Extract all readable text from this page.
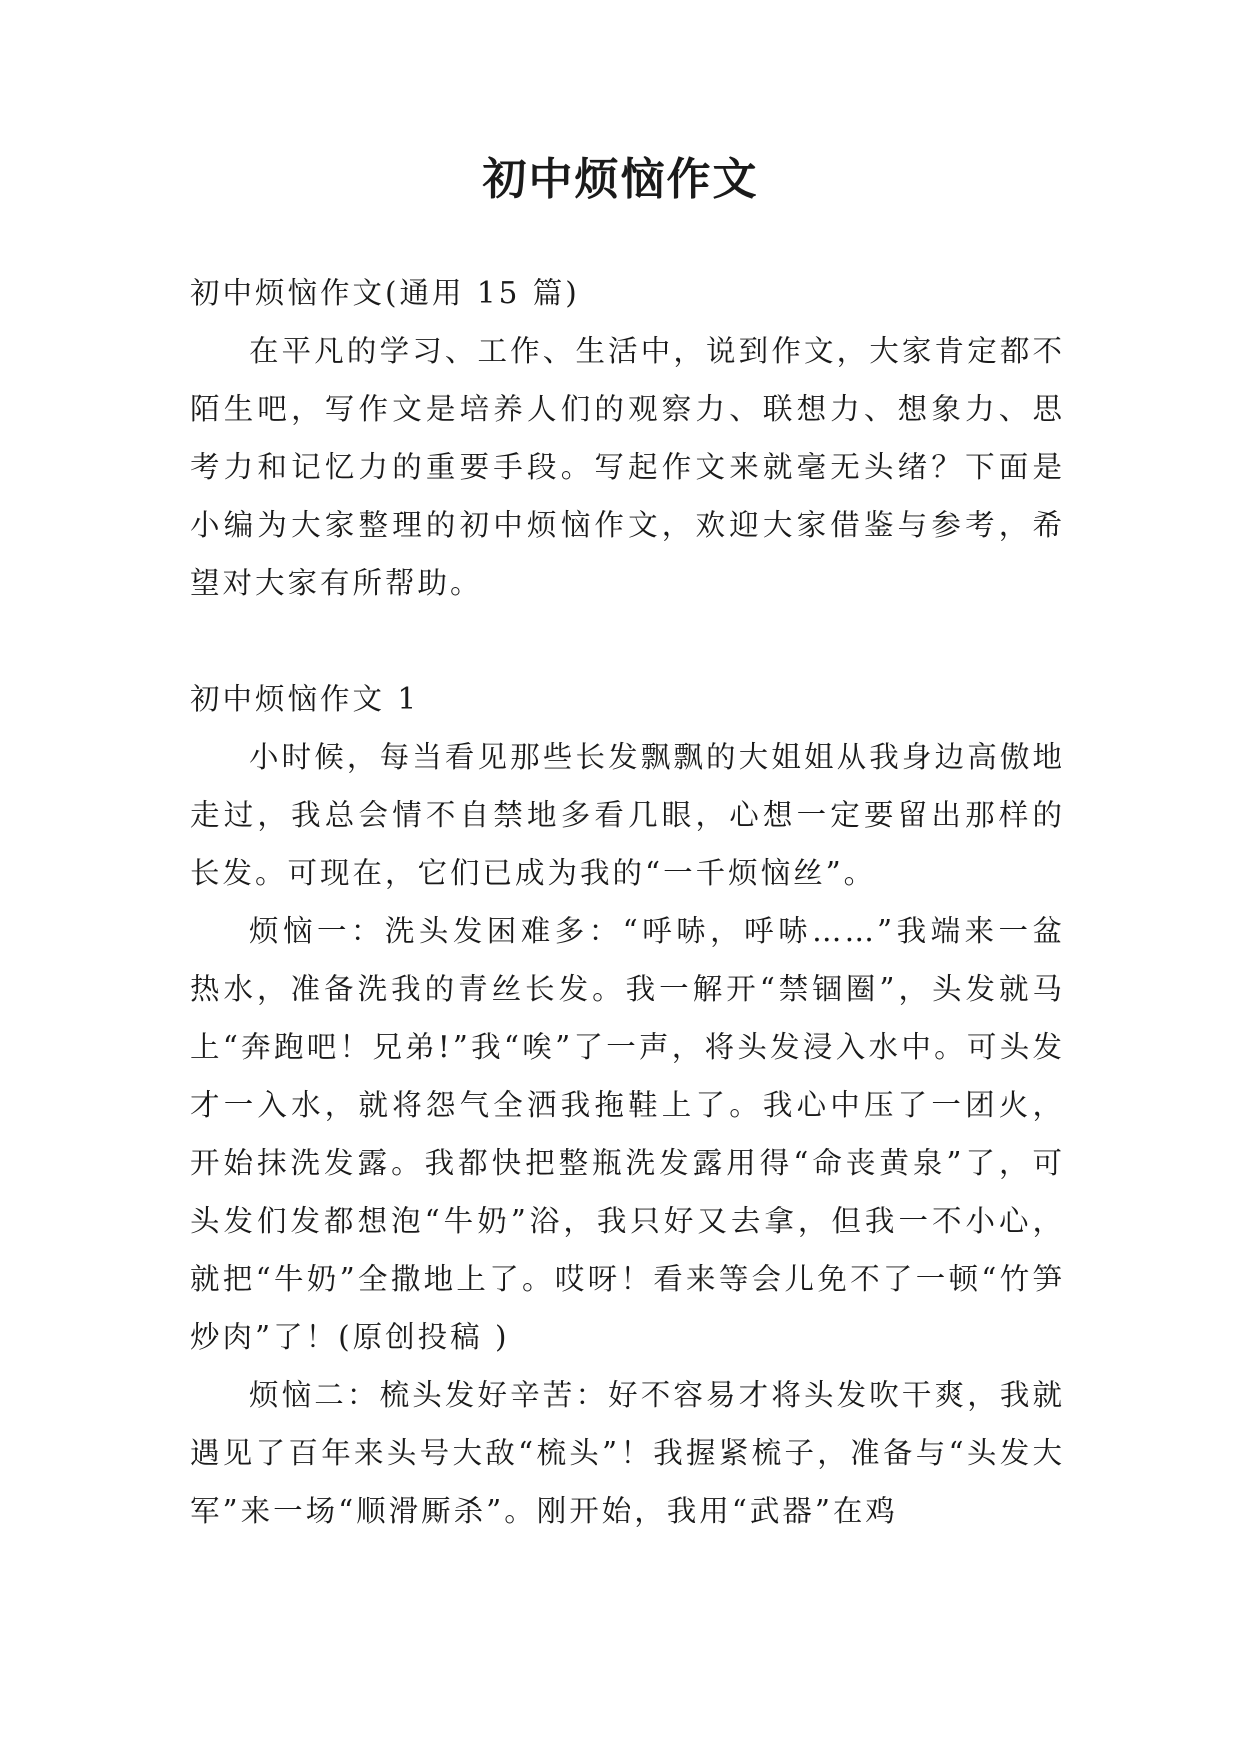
初中烦恼作文

初中烦恼作文(通用 15 篇)

在平凡的学习、工作、生活中，说到作文，大家肯定都不陌生吧，写作文是培养人们的观察力、联想力、想象力、思考力和记忆力的重要手段。写起作文来就毫无头绪？下面是小编为大家整理的初中烦恼作文，欢迎大家借鉴与参考，希望对大家有所帮助。

初中烦恼作文 1

小时候，每当看见那些长发飘飘的大姐姐从我身边高傲地走过，我总会情不自禁地多看几眼，心想一定要留出那样的长发。可现在，它们已成为我的“一千烦恼丝”。

烦恼一：洗头发困难多：“呼哧，呼哧……”我端来一盆热水，准备洗我的青丝长发。我一解开“禁锢圈”，头发就马上“奔跑吧！兄弟!”我“唉”了一声，将头发浸入水中。可头发才一入水，就将怨气全洒我拖鞋上了。我心中压了一团火，开始抹洗发露。我都快把整瓶洗发露用得“命丧黄泉”了，可头发们发都想泡“牛奶”浴，我只好又去拿，但我一不小心，就把“牛奶”全撒地上了。哎呀！看来等会儿免不了一顿“竹笋炒肉”了！(原创投稿 )

烦恼二：梳头发好辛苦：好不容易才将头发吹干爽，我就遇见了百年来头号大敌“梳头”！我握紧梳子，准备与“头发大军”来一场“顺滑厮杀”。刚开始，我用“武器”在鸡
